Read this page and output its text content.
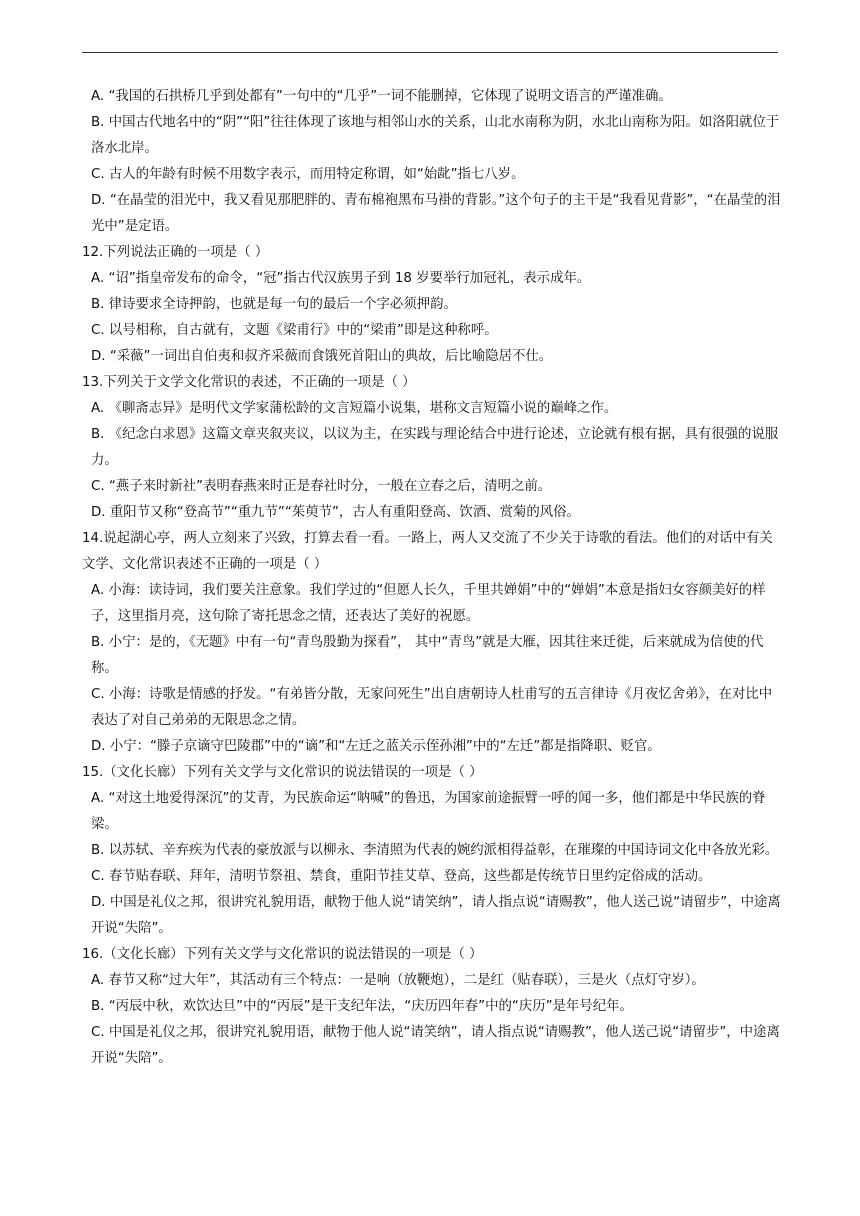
A. “我国的石拱桥几乎到处都有”一句中的“几乎”一词不能删掉，它体现了说明文语言的严谨准确。

B. 中国古代地名中的“阴”“阳”往往体现了该地与相邻山水的关系，山北水南称为阴，水北山南称为阳。如洛阳就位于洛水北岸。

C. 古人的年龄有时候不用数字表示，而用特定称谓，如“始龀”指七八岁。

D. “在晶莹的泪光中，我又看见那肥胖的、青布棉袍黑布马褂的背影。”这个句子的主干是“我看见背影”，“在晶莹的泪光中”是定语。

12.下列说法正确的一项是（ ）

A. “诏”指皇帝发布的命令，“冠”指古代汉族男子到 18 岁要举行加冠礼，表示成年。

B. 律诗要求全诗押韵，也就是每一句的最后一个字必须押韵。

C. 以号相称，自古就有，文题《梁甫行》中的“梁甫”即是这种称呼。

D. “采薇”一词出自伯夷和叔齐采薇而食饿死首阳山的典故，后比喻隐居不仕。

13.下列关于文学文化常识的表述，不正确的一项是（ ）

A. 《聊斋志异》是明代文学家蒲松龄的文言短篇小说集，堪称文言短篇小说的巅峰之作。

B. 《纪念白求恩》这篇文章夹叙夹议，以议为主，在实践与理论结合中进行论述，立论就有根有据，具有很强的说服力。

C. “燕子来时新社”表明春燕来时正是春社时分，一般在立春之后，清明之前。

D. 重阳节又称“登高节”“重九节”“茱萸节”，古人有重阳登高、饮酒、赏菊的风俗。

14.说起湖心亭，两人立刻来了兴致，打算去看一看。一路上，两人又交流了不少关于诗歌的看法。他们的对话中有关文学、文化常识表述不正确的一项是（ ）

A. 小海：读诗词，我们要关注意象。我们学过的“但愿人长久，千里共婵娟”中的“婵娟”本意是指妇女容颜美好的样子，这里指月亮，这句除了寄托思念之情，还表达了美好的祝愿。

B. 小宁：是的，《无题》中有一句“青鸟殷勤为探看”， 其中“青鸟”就是大雁，因其往来迁徙，后来就成为信使的代称。

C. 小海：诗歌是情感的抒发。“有弟皆分散，无家问死生”出自唐朝诗人杜甫写的五言律诗《月夜忆舍弟》，在对比中表达了对自己弟弟的无限思念之情。

D. 小宁：“滕子京谪守巴陵郡”中的“谪”和“左迁之蓝关示侄孙湘”中的“左迁”都是指降职、贬官。

15.（文化长廊）下列有关文学与文化常识的说法错误的一项是（ ）

A. “对这土地爱得深沉”的艾青，为民族命运“呐喊”的鲁迅，为国家前途振臂一呼的闻一多，他们都是中华民族的脊梁。

B. 以苏轼、辛弃疾为代表的豪放派与以柳永、李清照为代表的婉约派相得益彰，在璀璨的中国诗词文化中各放光彩。

C. 春节贴春联、拜年，清明节祭祖、禁食，重阳节挂艾草、登高，这些都是传统节日里约定俗成的活动。

D. 中国是礼仪之邦，很讲究礼貌用语，献物于他人说“请笑纳”，请人指点说“请赐教”，他人送己说“请留步”，中途离开说“失陪”。

16.（文化长廊）下列有关文学与文化常识的说法错误的一项是（ ）

A. 春节又称“过大年”，其活动有三个特点：一是响（放鞭炮），二是红（贴春联），三是火（点灯守岁）。

B. “丙辰中秋，欢饮达旦”中的“丙辰”是干支纪年法，“庆历四年春”中的“庆历”是年号纪年。

C. 中国是礼仪之邦，很讲究礼貌用语，献物于他人说“请笑纳”，请人指点说“请赐教”，他人送己说“请留步”，中途离开说“失陪”。
